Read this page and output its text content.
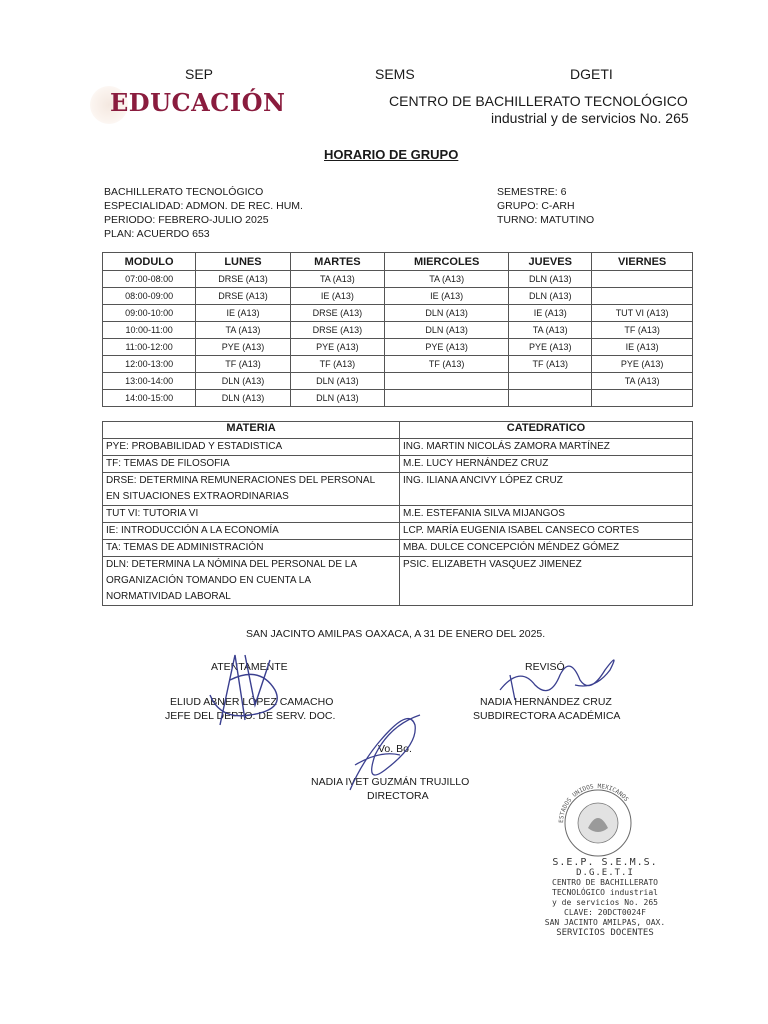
SEP	SEMS	DGETI
EDUCACIÓN	CENTRO DE BACHILLERATO TECNOLÓGICO
industrial y de servicios No. 265
HORARIO DE GRUPO
BACHILLERATO TECNOLÓGICO
ESPECIALIDAD: ADMON. DE REC. HUM.
PERIODO: FEBRERO-JULIO 2025
PLAN: ACUERDO 653
SEMESTRE: 6
GRUPO: C-ARH
TURNO: MATUTINO
MODULO	LUNES	MARTES	MIERCOLES	JUEVES	VIERNES
07:00-08:00	DRSE (A13)	TA (A13)	TA (A13)	DLN (A13)	
08:00-09:00	DRSE (A13)	IE (A13)	IE (A13)	DLN (A13)	
09:00-10:00	IE (A13)	DRSE (A13)	DLN (A13)	IE (A13)	TUT VI (A13)
10:00-11:00	TA (A13)	DRSE (A13)	DLN (A13)	TA (A13)	TF (A13)
11:00-12:00	PYE (A13)	PYE (A13)	PYE (A13)	PYE (A13)	IE (A13)
12:00-13:00	TF (A13)	TF (A13)	TF (A13)	TF (A13)	PYE (A13)
13:00-14:00	DLN (A13)	DLN (A13)			TA (A13)
14:00-15:00	DLN (A13)	DLN (A13)			
MATERIA	CATEDRATICO
PYE: PROBABILIDAD Y ESTADISTICA	ING. MARTIN NICOLÁS ZAMORA MARTÍNEZ
TF: TEMAS DE FILOSOFIA	M.E. LUCY HERNÁNDEZ CRUZ
DRSE: DETERMINA REMUNERACIONES DEL PERSONAL	ING. ILIANA ANCIVY LÓPEZ CRUZ
EN SITUACIONES EXTRAORDINARIAS	
TUT VI: TUTORIA VI	M.E. ESTEFANIA SILVA MIJANGOS
IE: INTRODUCCIÓN A LA ECONOMÍA	LCP. MARÍA EUGENIA ISABEL CANSECO CORTES
TA: TEMAS DE ADMINISTRACIÓN	MBA. DULCE CONCEPCIÓN MÉNDEZ GÓMEZ
DLN: DETERMINA LA NÓMINA DEL PERSONAL DE LA	PSIC. ELIZABETH VASQUEZ JIMENEZ
ORGANIZACIÓN TOMANDO EN CUENTA LA	
NORMATIVIDAD LABORAL	
SAN JACINTO AMILPAS OAXACA, A 31 DE ENERO DEL 2025.
ATENTAMENTE
ELIUD ABNER LÓPEZ CAMACHO
JEFE DEL DEPTO. DE SERV. DOC.
REVISÓ
NADIA HERNÁNDEZ CRUZ
SUBDIRECTORA ACADÉMICA
Vo. Bo.
NADIA IVET GUZMÁN TRUJILLO
DIRECTORA
ESTADOS UNIDOS MEXICANOS
S.E.P. S.E.M.S.
D.G.E.T.I
CENTRO DE BACHILLERATO
TECNOLÓGICO industrial
y de servicios No. 265
CLAVE: 20DCT0024F
SAN JACINTO AMILPAS, OAX.
SERVICIOS DOCENTES
